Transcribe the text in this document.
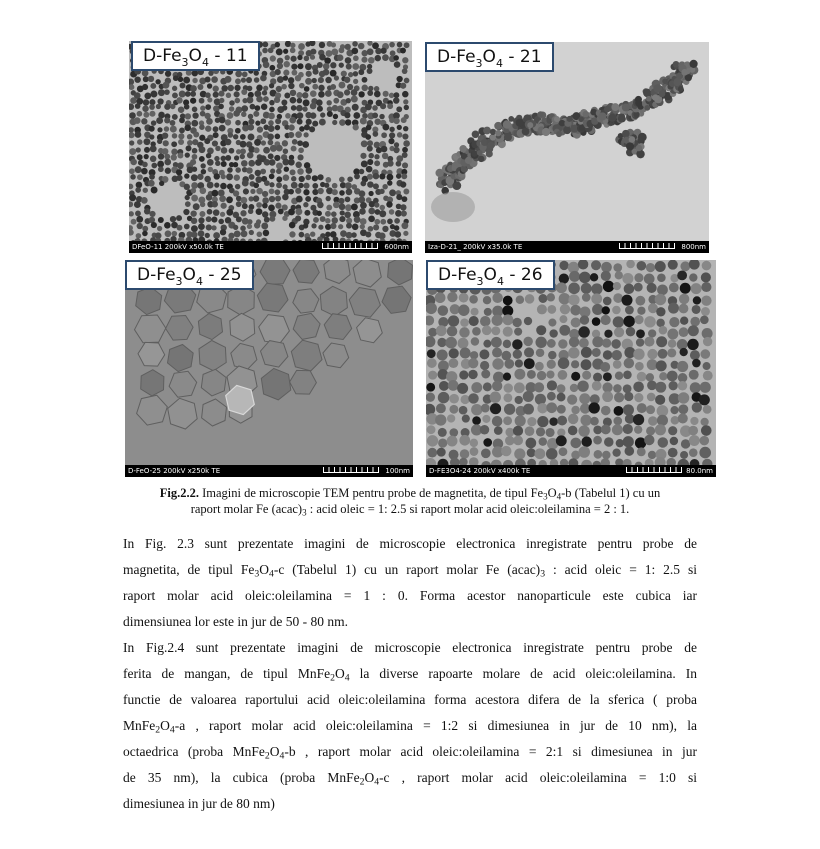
$D-Fe_3O_4 - 11$
DFeO-11 200kV x50.0k TE	600nm
$D-Fe_3O_4 - 21$
Iza-D-21_ 200kV x35.0k TE	800nm
$D-Fe_3O_4 - 25$
D-FeO-25 200kV x250k TE	100nm
$D-Fe_3O_4 - 26$
D-FE3O4-24 200kV x400k TE	80.0nm
Fig.2.2. Imagini de microscopie TEM pentru probe de magnetita, de tipul $Fe_3O_4-b$ (Tabelul 1) cu un
raport molar Fe $(acac)_3$ : acid oleic = 1: 2.5 si raport molar acid oleic:oleilamina = 2 : 1.
In Fig. 2.3 sunt prezentate imagini de microscopie electronica inregistrate pentru probe de
magnetita, de tipul $Fe_3O_4-c$ (Tabelul 1) cu un raport molar Fe $(acac)_3$ : acid oleic = 1: 2.5 si
raport molar acid oleic:oleilamina = 1 : 0. Forma acestor nanoparticule este cubica iar
dimensiunea lor este in jur de 50 - 80 nm.
In Fig.2.4 sunt prezentate imagini de microscopie electronica inregistrate pentru probe de
ferita de mangan, de tipul $MnFe_2O_4$ la diverse rapoarte molare de acid oleic:oleilamina. In
functie de valoarea raportului acid oleic:oleilamina forma acestora difera de la sferica ( proba
$MnFe_2O_4-a$ , raport molar acid oleic:oleilamina = 1:2 si dimesiunea in jur de 10 nm), la
octaedrica (proba $MnFe_2O_4-b$ , raport molar acid oleic:oleilamina = 2:1 si dimesiunea in jur
de 35 nm), la cubica (proba $MnFe_2O_4-c$ , raport molar acid oleic:oleilamina = 1:0 si
dimesiunea in jur de 80 nm)
